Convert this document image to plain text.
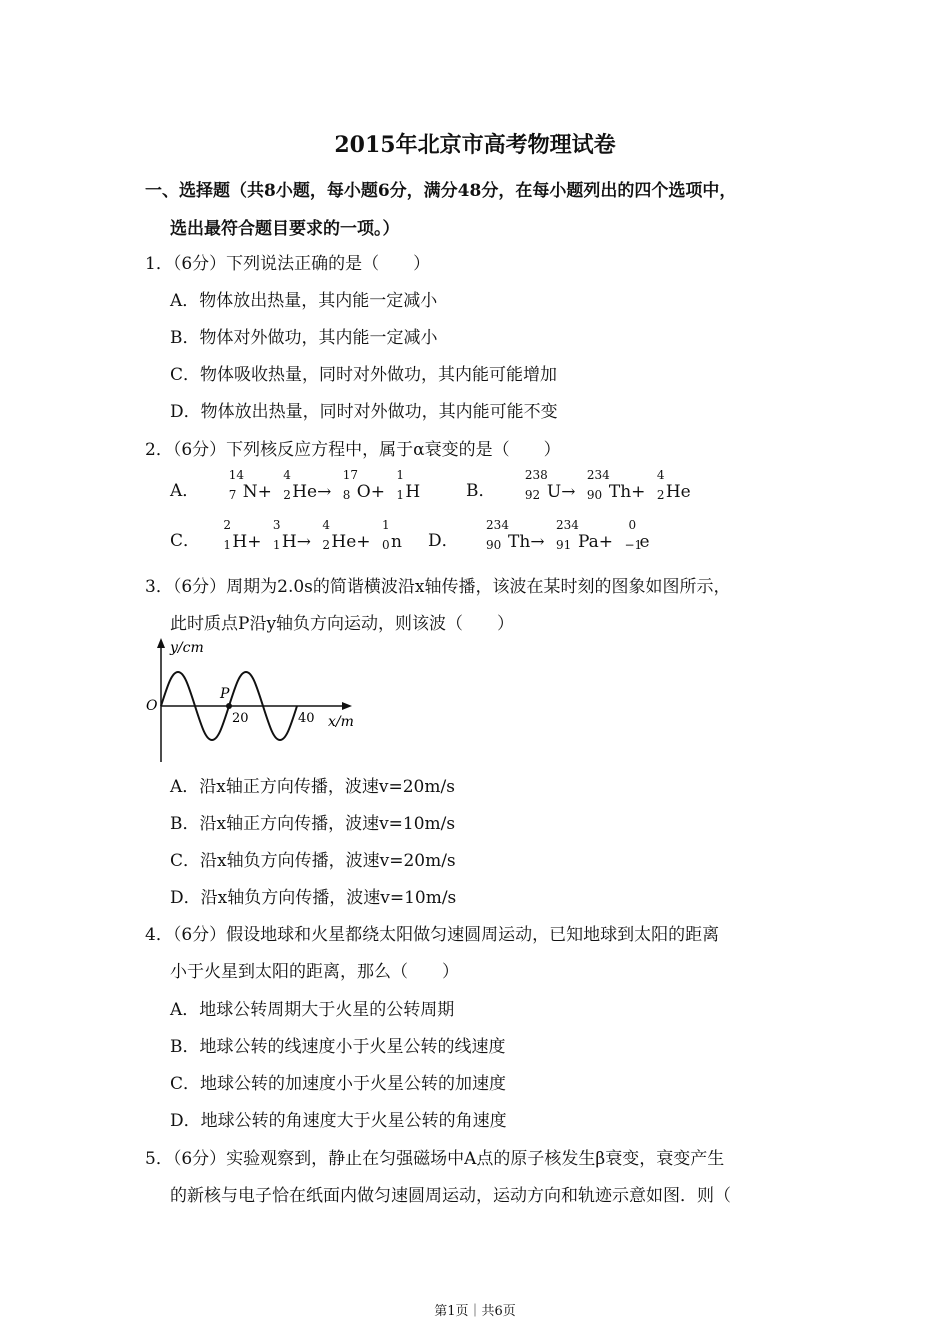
2015年北京市高考物理试卷
一、选择题（共8小题，每小题6分，满分48分，在每小题列出的四个选项中，
选出最符合题目要求的一项。）
1．（6分）下列说法正确的是（　　）
A．物体放出热量，其内能一定减小
B．物体对外做功，其内能一定减小
C．物体吸收热量，同时对外做功，其内能可能增加
D．物体放出热量，同时对外做功，其内能可能不变
2．（6分）下列核反应方程中，属于α衰变的是（　　）
A．
14
7 N+
4
2 He→
17
8 O+
1
1 H	B．
238
92 U→
234
90 Th+
4
2 He
C．
2
1 H+
3
1 H→
4
2 He+
1
0 n D．
234
90 Th→
234
91 Pa+
0
−1
e
3．（6分）周期为2.0s的简谐横波沿x轴传播，该波在某时刻的图象如图所示，
此时质点P沿y轴负方向运动，则该波（　　）
y/cm
O
P
20	40 x/m
A．沿x轴正方向传播，波速v=20m/s
B．沿x轴正方向传播，波速v=10m/s
C．沿x轴负方向传播，波速v=20m/s
D．沿x轴负方向传播，波速v=10m/s
4．（6分）假设地球和火星都绕太阳做匀速圆周运动，已知地球到太阳的距离
小于火星到太阳的距离，那么（　　）
A．地球公转周期大于火星的公转周期
B．地球公转的线速度小于火星公转的线速度
C．地球公转的加速度小于火星公转的加速度
D．地球公转的角速度大于火星公转的角速度
5．（6分）实验观察到，静止在匀强磁场中A点的原子核发生β衰变，衰变产生
的新核与电子恰在纸面内做匀速圆周运动，运动方向和轨迹示意如图．则（
第1页｜共6页
